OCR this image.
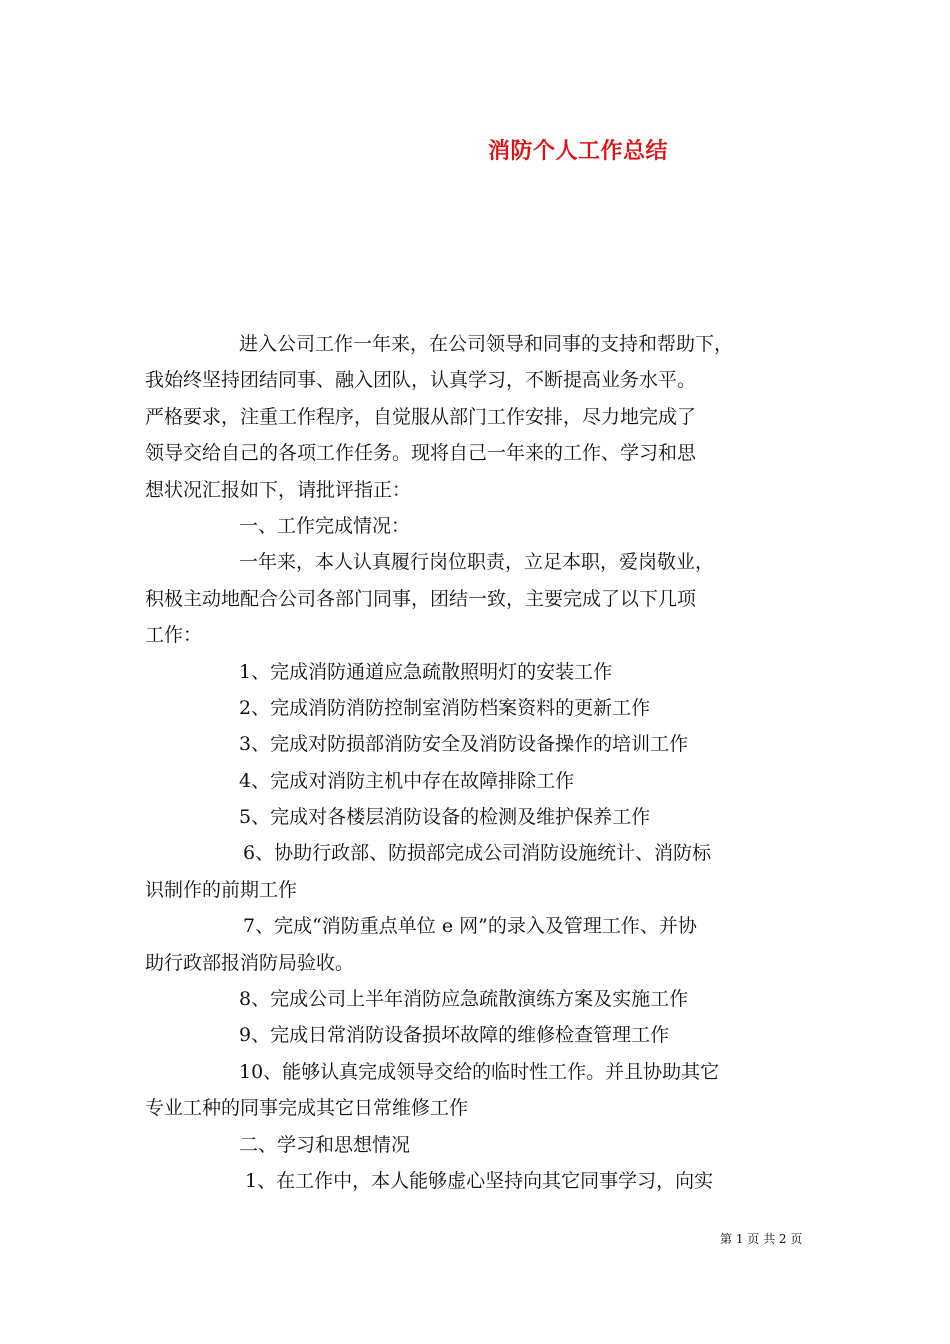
消防个人工作总结
进入公司工作一年来，在公司领导和同事的支持和帮助下，
我始终坚持团结同事、融入团队，认真学习，不断提高业务水平。
严格要求，注重工作程序，自觉服从部门工作安排，尽力地完成了
领导交给自己的各项工作任务。现将自己一年来的工作、学习和思
想状况汇报如下，请批评指正：
一、工作完成情况：
一年来，本人认真履行岗位职责，立足本职，爱岗敬业，
积极主动地配合公司各部门同事，团结一致，主要完成了以下几项
工作：
1、完成消防通道应急疏散照明灯的安装工作
2、完成消防消防控制室消防档案资料的更新工作
3、完成对防损部消防安全及消防设备操作的培训工作
4、完成对消防主机中存在故障排除工作
5、完成对各楼层消防设备的检测及维护保养工作
6、协助行政部、防损部完成公司消防设施统计、消防标
识制作的前期工作
7、完成“消防重点单位 e 网”的录入及管理工作、并协
助行政部报消防局验收。
8、完成公司上半年消防应急疏散演练方案及实施工作
9、完成日常消防设备损坏故障的维修检查管理工作
10、能够认真完成领导交给的临时性工作。并且协助其它
专业工种的同事完成其它日常维修工作
二、学习和思想情况
1、在工作中，本人能够虚心坚持向其它同事学习，向实
第 1 页 共 2 页
